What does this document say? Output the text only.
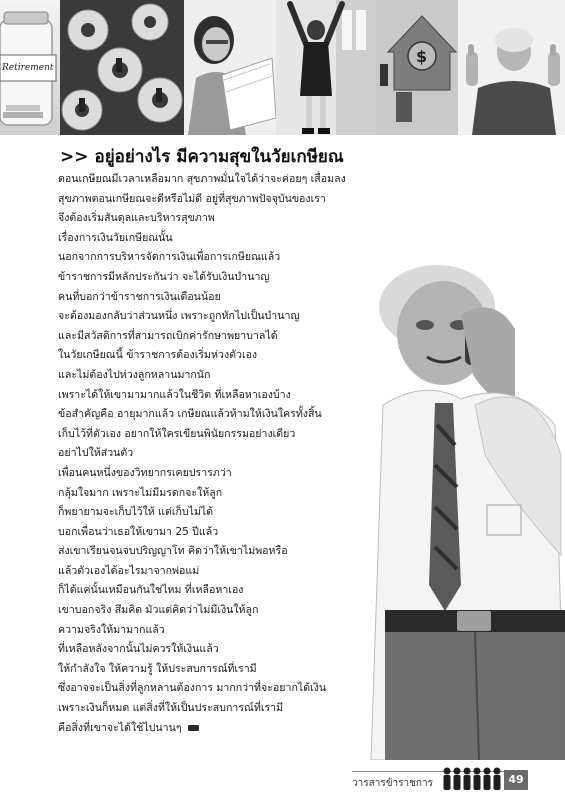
Retirement
$
>> อยู่อย่างไร มีความสุขในวัยเกษียณ
ตอนเกษียณมีเวลาเหลือมาก สุขภาพมั่นใจได้ว่าจะค่อยๆ เสื่อมลง
สุขภาพตอนเกษียณจะดีหรือไม่ดี อยู่ที่สุขภาพปัจจุบันของเรา
จึงต้องเริ่มสันดุลและบริหารสุขภาพ
เรื่องการเงินวัยเกษียณนั้น
นอกจากการบริหารจัดการเงินเพื่อการเกษียณแล้ว
ข้าราชการมีหลักประกันว่า จะได้รับเงินบำนาญ
คนที่บอกว่าข้าราชการเงินเดือนน้อย
จะต้องมองกลับว่าส่วนหนึ่ง เพราะถูกหักไปเป็นบำนาญ
และมีสวัสดิการที่สามารถเบิกค่ารักษาพยาบาลได้
ในวัยเกษียณนี้ ข้าราชการต้องเริ่มห่วงตัวเอง
และไม่ต้องไปห่วงลูกหลานมากนัก
เพราะได้ให้เขามามากแล้วในชีวิต ที่เหลือหาเองบ้าง
ข้อสำคัญคือ อายุมากแล้ว เกษียณแล้วห้ามให้เงินใครทั้งสิ้น
เก็บไว้ที่ตัวเอง อยากให้ใครเขียนพินัยกรรมอย่างเดียว
อย่าไปให้ส่วนตัว
เพื่อนคนหนึ่งของวิทยากรเคยปรารภว่า
กลุ้มใจมาก เพราะไม่มีมรดกจะให้ลูก
ก็พยายามจะเก็บไว้ให้ แต่เก็บไม่ได้
บอกเพื่อนว่าเธอให้เขามา 25 ปีแล้ว
ส่งเขาเรียนจนจบปริญญาโท คิดว่าให้เขาไม่พอหรือ
แล้วตัวเองได้อะไรมาจากพ่อแม่
ก็ได้แค่นั้นเหมือนกันใช่ไหม ที่เหลือหาเอง
เขาบอกจริง สึมคิด มัวแต่คิดว่าไม่มีเงินให้ลูก
ความจริงให้มามากแล้ว
ที่เหลือหลังจากนั้นไม่ควรให้เงินแล้ว
ให้กำลังใจ ให้ความรู้ ให้ประสบการณ์ที่เรามี
ซึ่งอาจจะเป็นสิ่งที่ลูกหลานต้องการ มากกว่าที่จะอยากได้เงิน
เพราะเงินก็หมด แต่สิ่งที่ให้เป็นประสบการณ์ที่เรามี
คือสิ่งที่เขาจะได้ใช้ไปนานๆ
วารสารข้าราชการ	49
